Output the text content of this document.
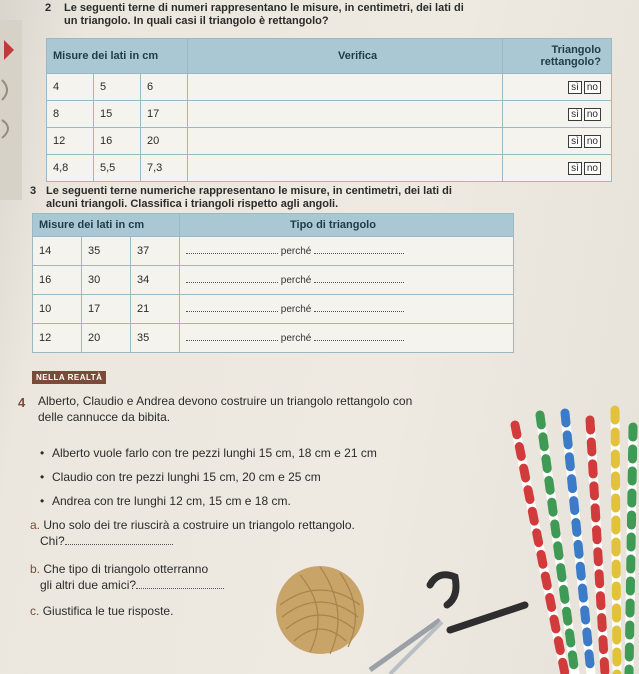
2 Le seguenti terne di numeri rappresentano le misure, in centimetri, dei lati di
un triangolo. In quali casi il triangolo è rettangolo?
Misure dei lati in cm			Verifica	Triangolo
rettangolo?
4	5	6		sì no
8	15	17		sì no
12	16	20		sì no
4,8	5,5	7,3		sì no
3 Le seguenti terne numeriche rappresentano le misure, in centimetri, dei lati di
alcuni triangoli. Classifica i triangoli rispetto agli angoli.
Misure dei lati in cm			Tipo di triangolo
14	35	37	perché
16	30	34	perché
10	17	21	perché
12	20	35	perché
NELLA REALTÀ
4 Alberto, Claudio e Andrea devono costruire un triangolo rettangolo con
delle cannucce da bibita.
• Alberto vuole farlo con tre pezzi lunghi 15 cm, 18 cm e 21 cm
• Claudio con tre pezzi lunghi 15 cm, 20 cm e 25 cm
• Andrea con tre lunghi 12 cm, 15 cm e 18 cm.
a. Uno solo dei tre riuscirà a costruire un triangolo rettangolo.
Chi?
b. Che tipo di triangolo otterranno
gli altri due amici?
c. Giustifica le tue risposte.
